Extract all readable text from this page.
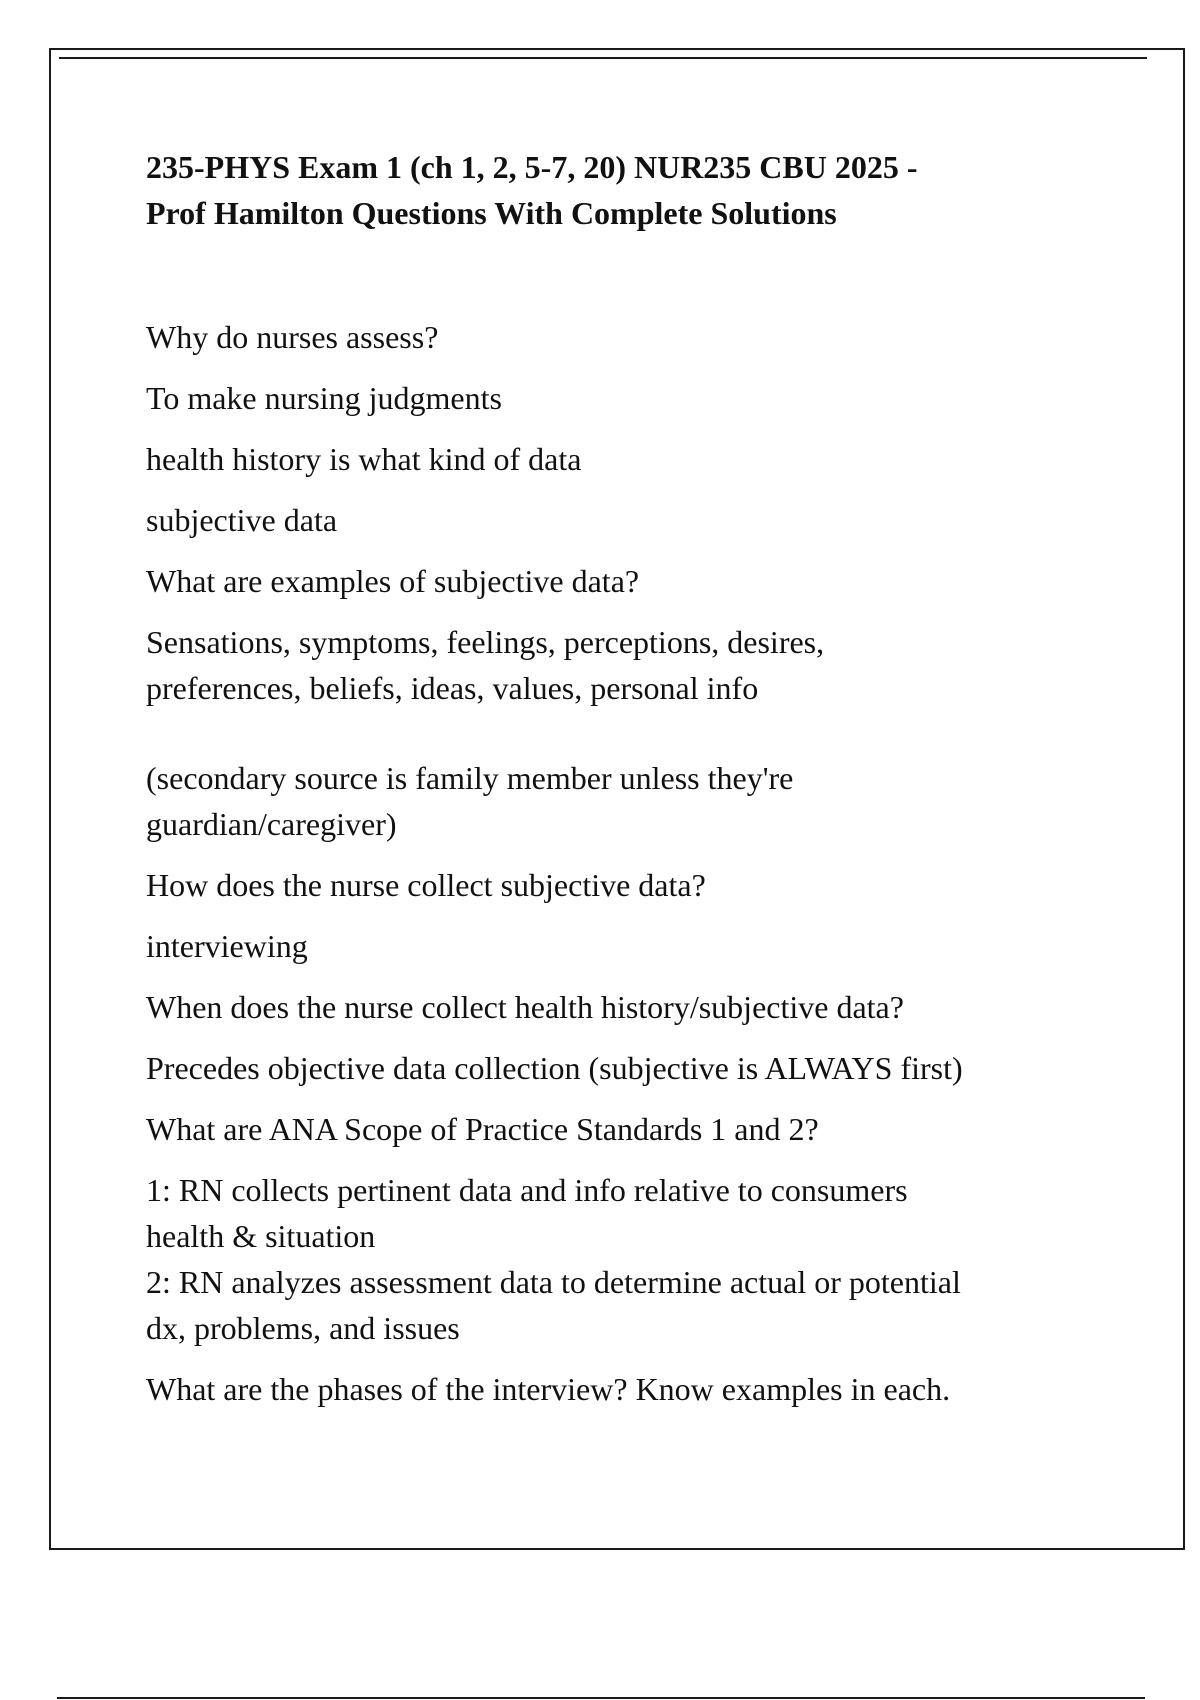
235-PHYS Exam 1 (ch 1, 2, 5-7, 20) NUR235 CBU 2025 -
Prof Hamilton Questions With Complete Solutions

Why do nurses assess?

To make nursing judgments

health history is what kind of data

subjective data

What are examples of subjective data?

Sensations, symptoms, feelings, perceptions, desires,
preferences, beliefs, ideas, values, personal info

(secondary source is family member unless they're
guardian/caregiver)

How does the nurse collect subjective data?

interviewing

When does the nurse collect health history/subjective data?

Precedes objective data collection (subjective is ALWAYS first)

What are ANA Scope of Practice Standards 1 and 2?

1: RN collects pertinent data and info relative to consumers
health & situation

2: RN analyzes assessment data to determine actual or potential
dx, problems, and issues

What are the phases of the interview? Know examples in each.
